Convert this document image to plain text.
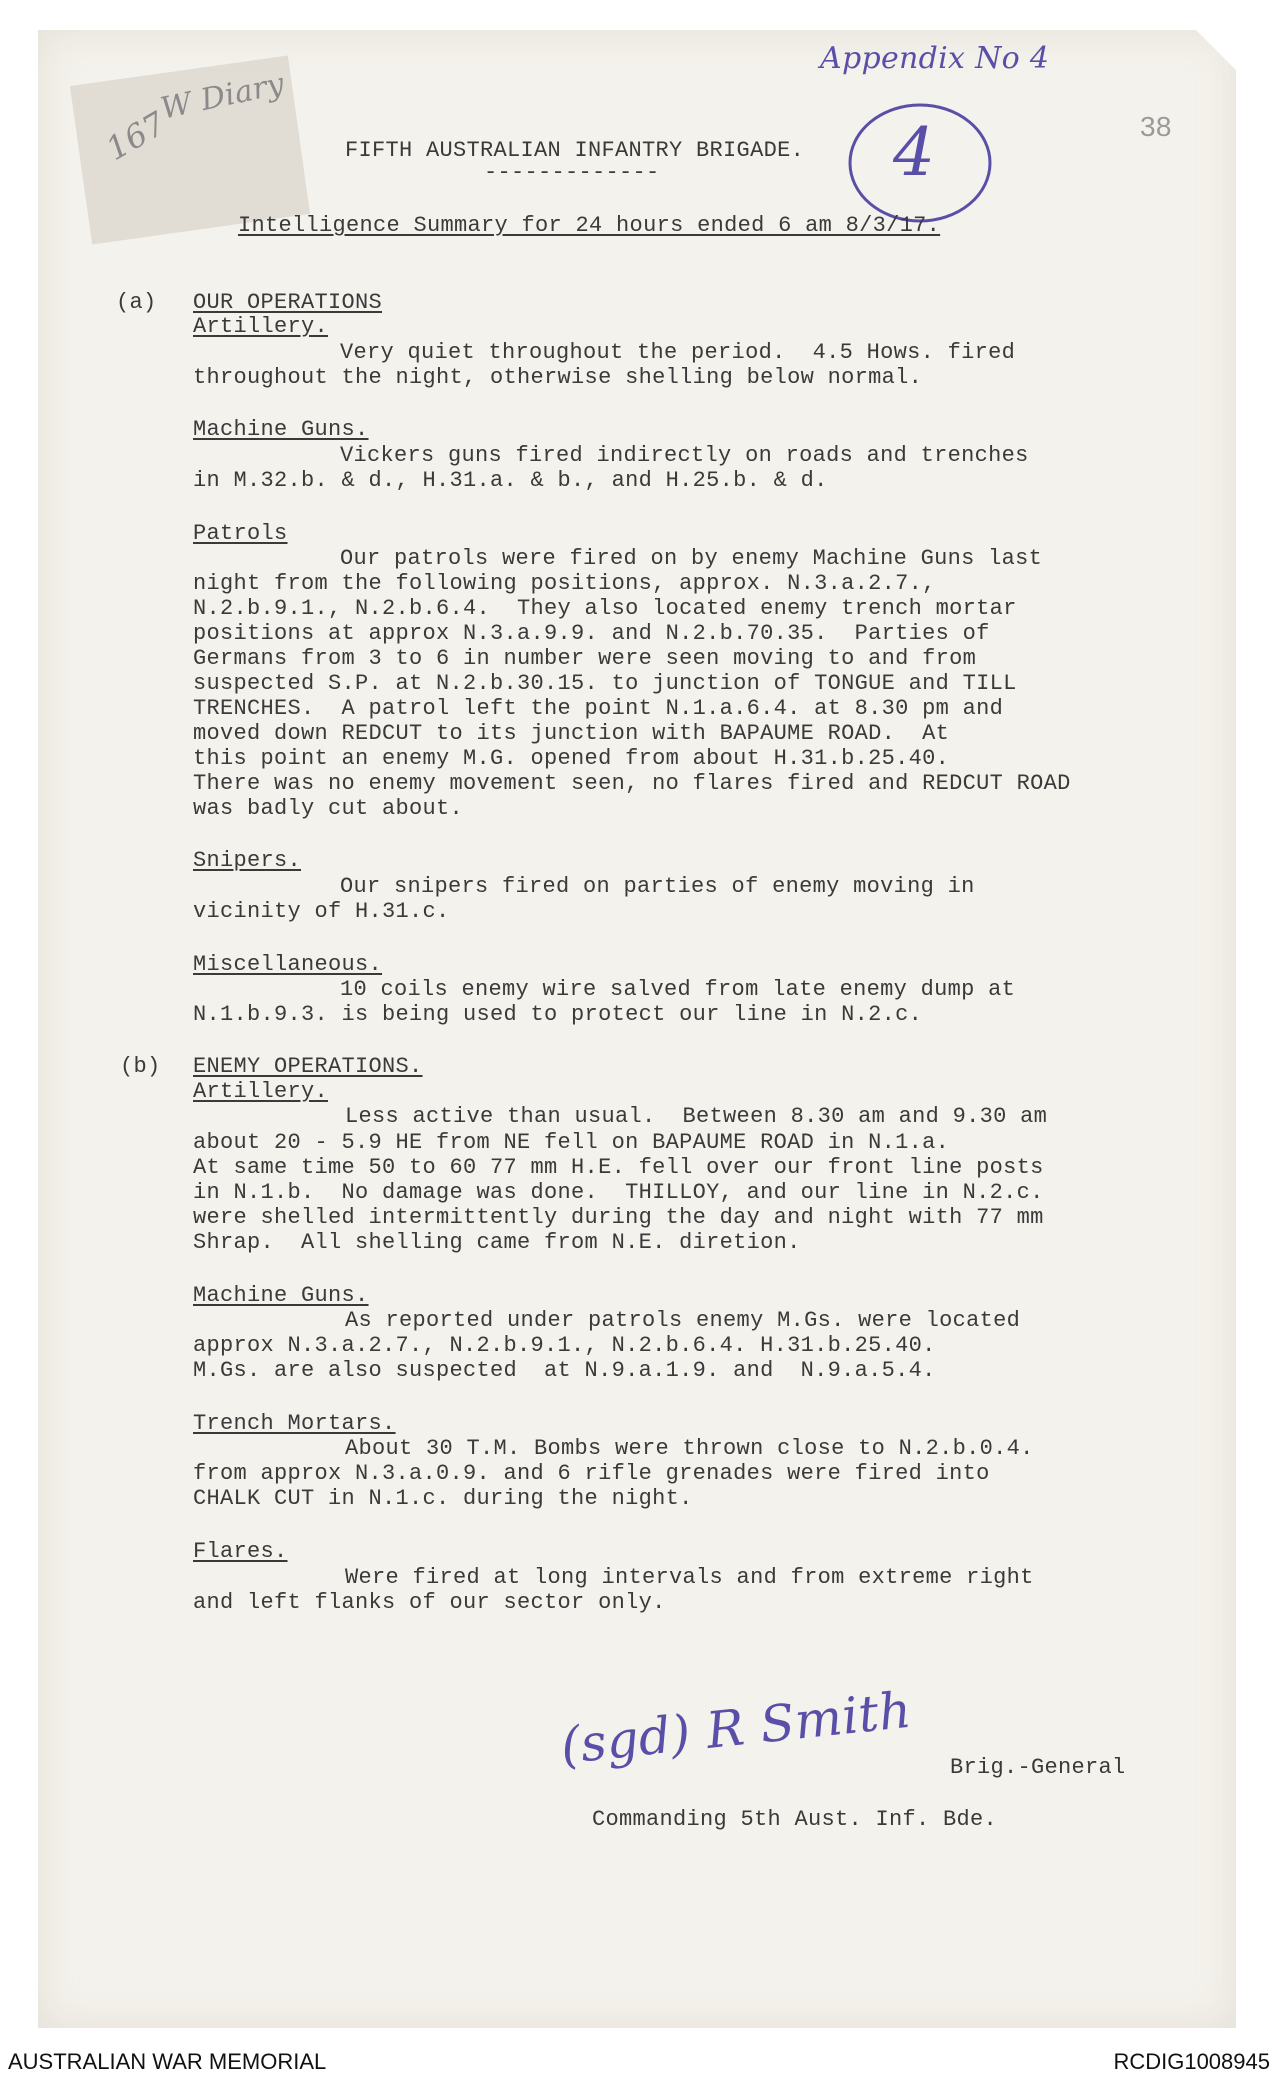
Appendix No 4
4	38
167
W Diary
FIFTH AUSTRALIAN INFANTRY BRIGADE.
-------------
Intelligence Summary for 24 hours ended 6 am 8/3/17.
(a) OUR OPERATIONS
Artillery.
Very quiet throughout the period.  4.5 Hows. fired
throughout the night, otherwise shelling below normal.
Machine Guns.
Vickers guns fired indirectly on roads and trenches
in M.32.b. & d., H.31.a. & b., and H.25.b. & d.
Patrols
Our patrols were fired on by enemy Machine Guns last
night from the following positions, approx. N.3.a.2.7.,
N.2.b.9.1., N.2.b.6.4.  They also located enemy trench mortar
positions at approx N.3.a.9.9. and N.2.b.70.35.  Parties of
Germans from 3 to 6 in number were seen moving to and from
suspected S.P. at N.2.b.30.15. to junction of TONGUE and TILL
TRENCHES.  A patrol left the point N.1.a.6.4. at 8.30 pm and
moved down REDCUT to its junction with BAPAUME ROAD.  At
this point an enemy M.G. opened from about H.31.b.25.40.
There was no enemy movement seen, no flares fired and REDCUT ROAD
was badly cut about.
Snipers.
Our snipers fired on parties of enemy moving in
vicinity of H.31.c.
Miscellaneous.
10 coils enemy wire salved from late enemy dump at
N.1.b.9.3. is being used to protect our line in N.2.c.
(b) ENEMY OPERATIONS.
Artillery.
Less active than usual.  Between 8.30 am and 9.30 am
about 20 - 5.9 HE from NE fell on BAPAUME ROAD in N.1.a.
At same time 50 to 60 77 mm H.E. fell over our front line posts
in N.1.b.  No damage was done.  THILLOY, and our line in N.2.c.
were shelled intermittently during the day and night with 77 mm
Shrap.  All shelling came from N.E. diretion.
Machine Guns.
As reported under patrols enemy M.Gs. were located
approx N.3.a.2.7., N.2.b.9.1., N.2.b.6.4. H.31.b.25.40.
M.Gs. are also suspected  at N.9.a.1.9. and  N.9.a.5.4.
Trench Mortars.
About 30 T.M. Bombs were thrown close to N.2.b.0.4.
from approx N.3.a.0.9. and 6 rifle grenades were fired into
CHALK CUT in N.1.c. during the night.
Flares.
Were fired at long intervals and from extreme right
and left flanks of our sector only.
(sgd) R Smith Brig.-General
Commanding 5th Aust. Inf. Bde.
AUSTRALIAN WAR MEMORIAL	RCDIG1008945
